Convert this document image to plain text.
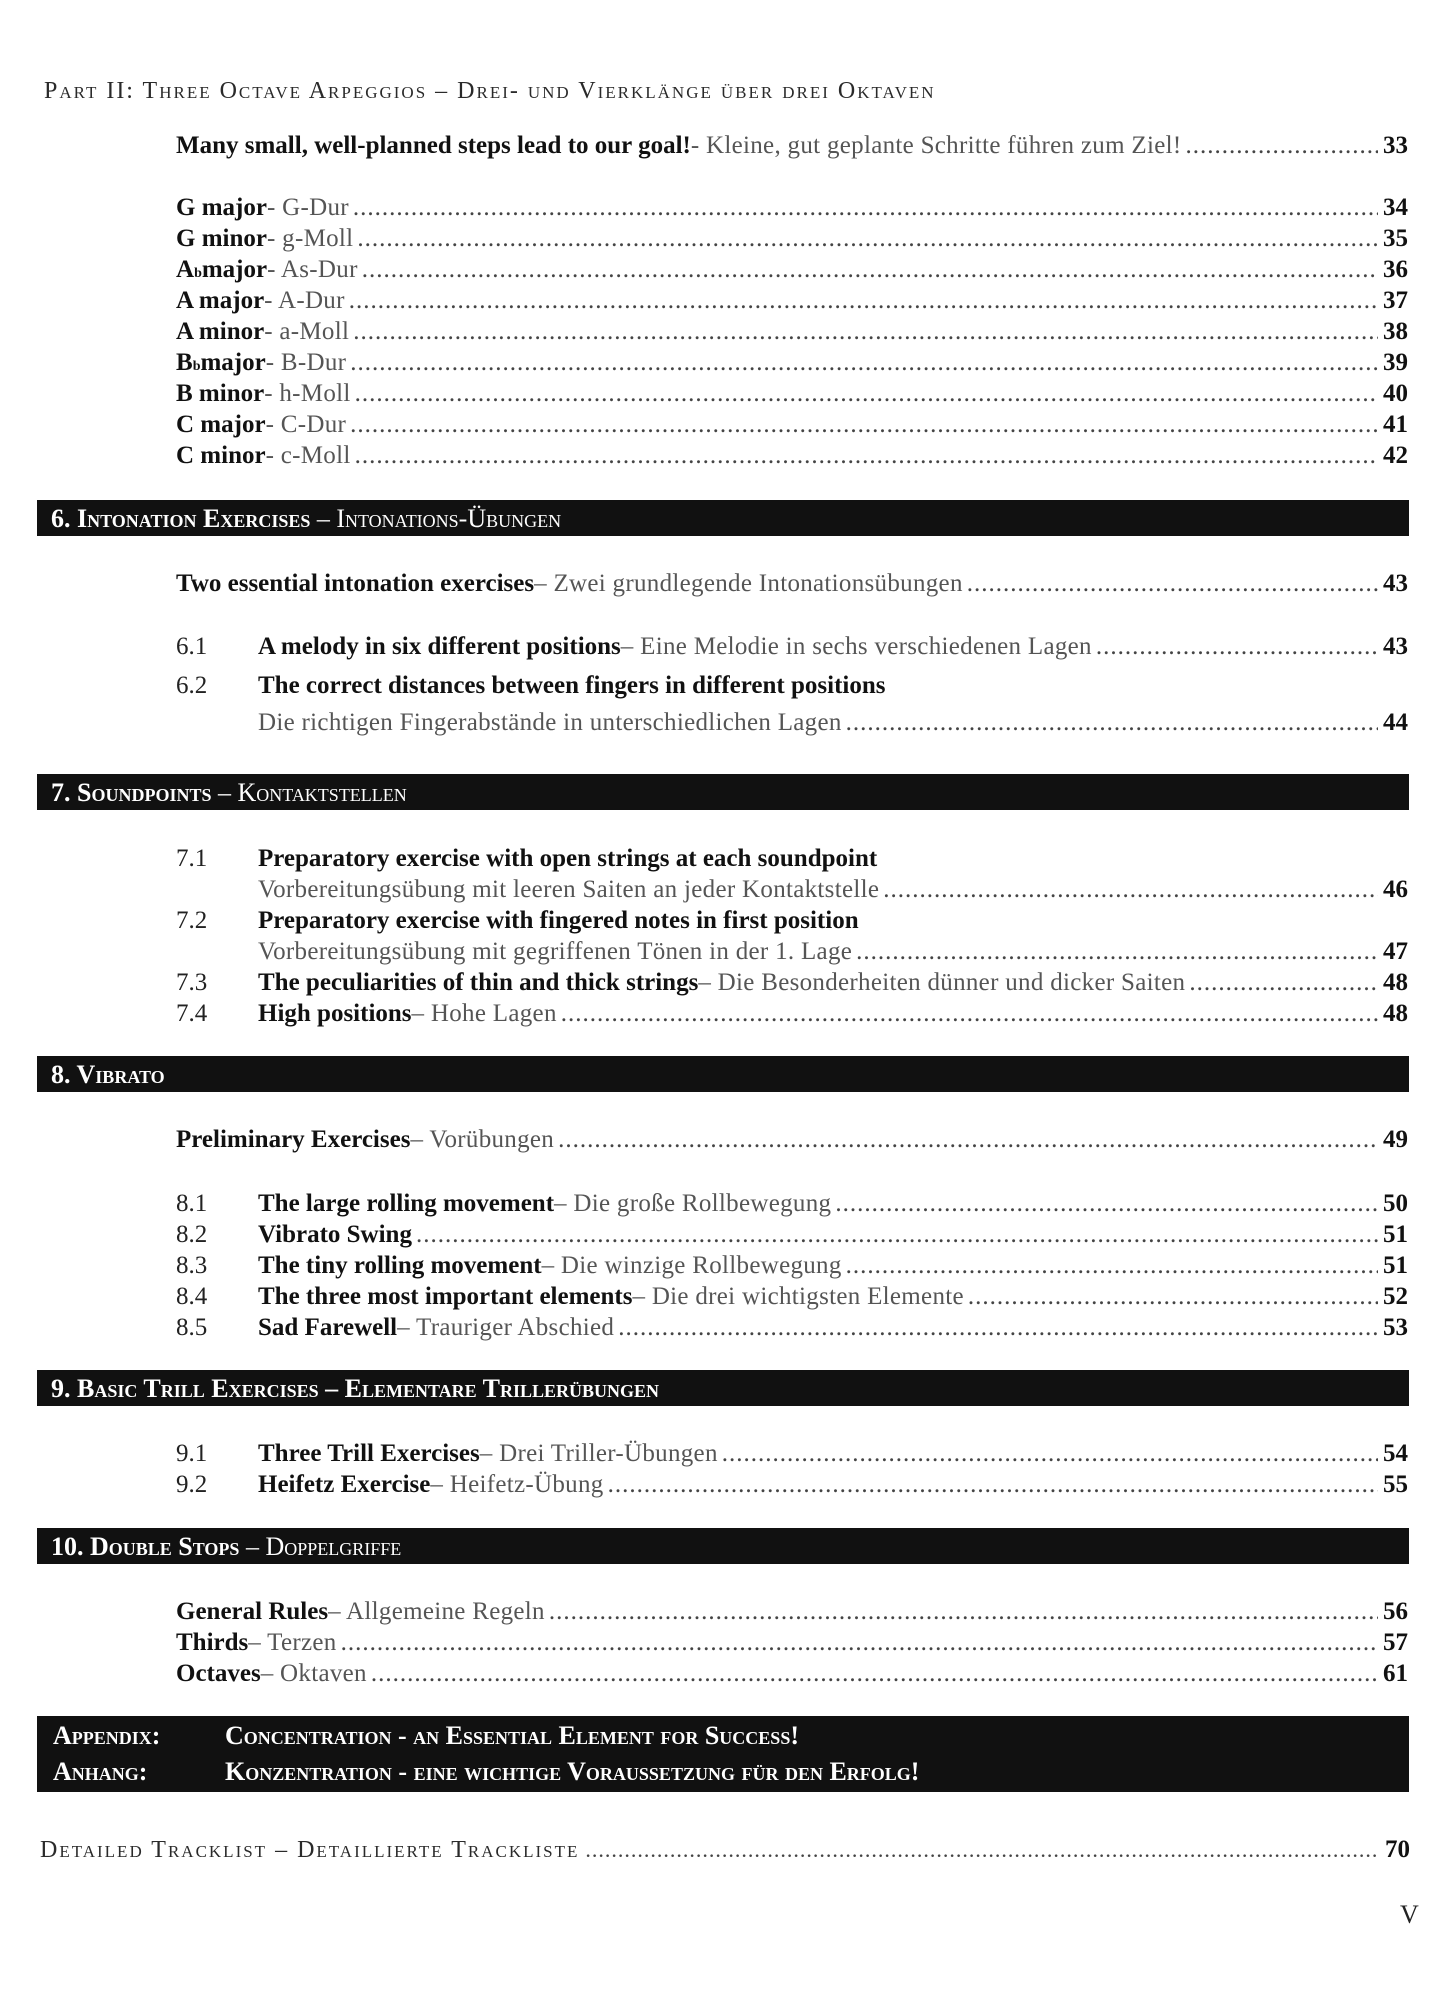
Part II: Three Octave Arpeggios – Drei- und Vierklänge über drei Oktaven
Many small, well-planned steps lead to our goal! - Kleine, gut geplante Schritte führen zum Ziel! .....	33
G major - G-Dur .....	34
G minor - g-Moll .....	35
A b major - As-Dur .....	36
A major - A-Dur .....	37
A minor - a-Moll .....	38
B b major - B-Dur .....	39
B minor - h-Moll .....	40
C major - C-Dur .....	41
C minor - c-Moll .....	42
6. Intonation Exercises – Intonations-Übungen
Two essential intonation exercises – Zwei grundlegende Intonationsübungen .....	43
6.1 A melody in six different positions – Eine Melodie in sechs verschiedenen Lagen .....	43
6.2 The correct distances between fingers in different positions
Die richtigen Fingerabstände in unterschiedlichen Lagen .....	44
7. Soundpoints – Kontaktstellen
7.1 Preparatory exercise with open strings at each soundpoint
Vorbereitungsübung mit leeren Saiten an jeder Kontaktstelle .....	46
7.2 Preparatory exercise with fingered notes in first position
Vorbereitungsübung mit gegriffenen Tönen in der 1. Lage .....	47
7.3 The peculiarities of thin and thick strings – Die Besonderheiten dünner und dicker Saiten .....	48
7.4 High positions – Hohe Lagen .....	48
8. Vibrato
Preliminary Exercises – Vorübungen .....	49
8.1 The large rolling movement – Die große Rollbewegung .....	50
8.2 Vibrato Swing .....	51
8.3 The tiny rolling movement – Die winzige Rollbewegung .....	51
8.4 The three most important elements – Die drei wichtigsten Elemente .....	52
8.5 Sad Farewell – Trauriger Abschied .....	53
9. Basic Trill Exercises – Elementare Trillerübungen
9.1 Three Trill Exercises – Drei Triller-Übungen .....	54
9.2 Heifetz Exercise – Heifetz-Übung .....	55
10. Double Stops – Doppelgriffe
General Rules – Allgemeine Regeln .....	56
Thirds – Terzen .....	57
Octaves – Oktaven .....	61
Appendix:	Concentration - an Essential Element for Success!
Anhang:	Konzentration - eine wichtige Voraussetzung für den Erfolg!
Detailed Tracklist – Detaillierte Trackliste .....	70
V
